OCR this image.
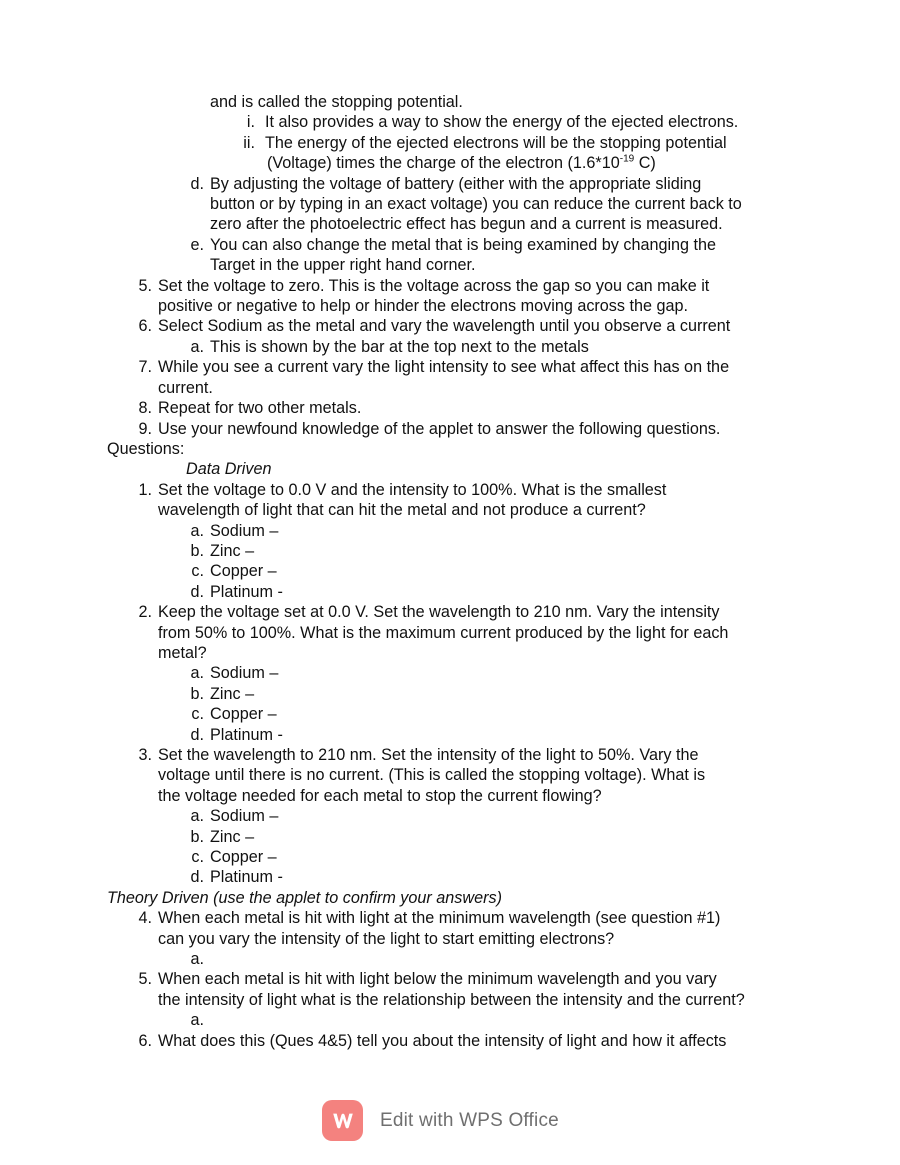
and is called the stopping potential.
i. It also provides a way to show the energy of the ejected electrons.
ii. The energy of the ejected electrons will be the stopping potential
(Voltage) times the charge of the electron ($1.6*10^{-19}$ C)
d. By adjusting the voltage of battery (either with the appropriate sliding
button or by typing in an exact voltage) you can reduce the current back to
zero after the photoelectric effect has begun and a current is measured.
e. You can also change the metal that is being examined by changing the
Target in the upper right hand corner.
5. Set the voltage to zero. This is the voltage across the gap so you can make it
positive or negative to help or hinder the electrons moving across the gap.
6. Select Sodium as the metal and vary the wavelength until you observe a current
a. This is shown by the bar at the top next to the metals
7. While you see a current vary the light intensity to see what affect this has on the
current.
8. Repeat for two other metals.
9. Use your newfound knowledge of the applet to answer the following questions.
Questions:
Data Driven
1. Set the voltage to 0.0 V and the intensity to 100%. What is the smallest
wavelength of light that can hit the metal and not produce a current?
a. Sodium –
b. Zinc –
c. Copper –
d. Platinum -
2. Keep the voltage set at 0.0 V. Set the wavelength to 210 nm. Vary the intensity
from 50% to 100%. What is the maximum current produced by the light for each
metal?
a. Sodium –
b. Zinc –
c. Copper –
d. Platinum -
3. Set the wavelength to 210 nm. Set the intensity of the light to 50%. Vary the
voltage until there is no current. (This is called the stopping voltage). What is
the voltage needed for each metal to stop the current flowing?
a. Sodium –
b. Zinc –
c. Copper –
d. Platinum -
Theory Driven (use the applet to confirm your answers)
4. When each metal is hit with light at the minimum wavelength (see question #1)
can you vary the intensity of the light to start emitting electrons?
a.
5. When each metal is hit with light below the minimum wavelength and you vary
the intensity of light what is the relationship between the intensity and the current?
a.
6. What does this (Ques 4&5) tell you about the intensity of light and how it affects
Edit with WPS Office
